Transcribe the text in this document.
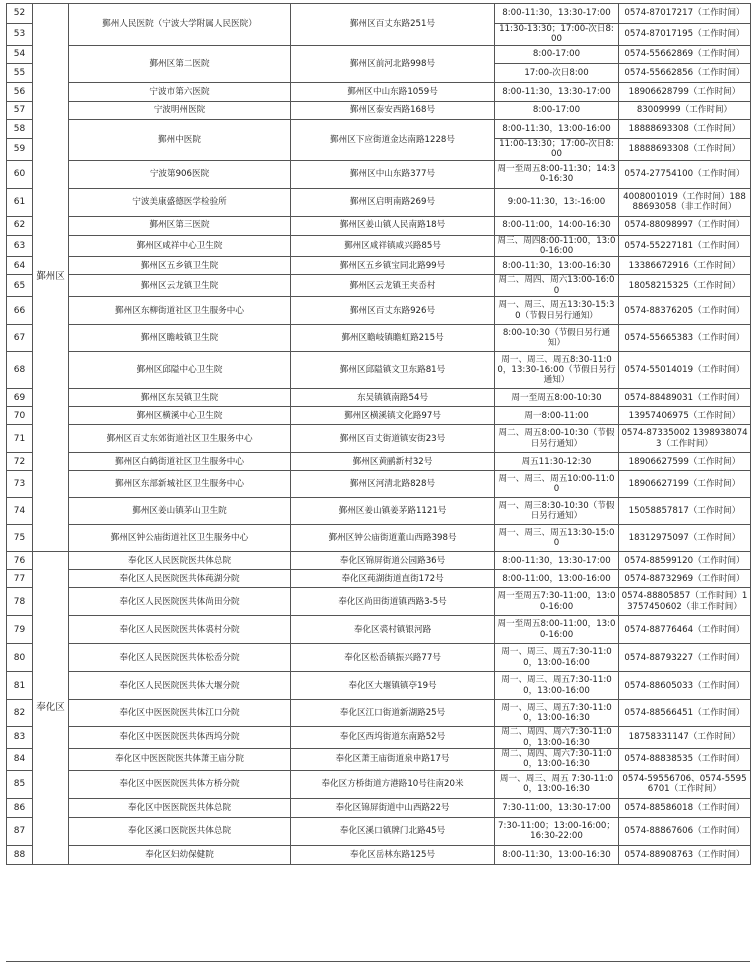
52	鄞州区	鄞州人民医院（宁波大学附属人民医院）	鄞州区百丈东路251号	8:00-11:30，13:30-17:00	0574-87017217（工作时间）
53				11:30-13:30；17:00-次日8:00	0574-87017195（工作时间）
54		鄞州区第二医院	鄞州区前河北路998号	8:00-17:00	0574-55662869（工作时间）
55				17:00-次日8:00	0574-55662856（工作时间）
56		宁波市第六医院	鄞州区中山东路1059号	8:00-11:30，13:30-17:00	18906628799（工作时间）
57		宁波明州医院	鄞州区泰安西路168号	8:00-17:00	83009999（工作时间）
58		鄞州中医院	鄞州区下应街道金达南路1228号	8:00-11:30，13:00-16:00	18888693308（工作时间）
59				11:00-13:30；17:00-次日8:00	18888693308（工作时间）
60		宁波第906医院	鄞州区中山东路377号	周一至周五8:00-11:30；14:30-16:30	0574-27754100（工作时间）
61		宁波美康盛德医学检验所	鄞州区启明南路269号	9:00-11:30，13:-16:00	4008001019（工作时间）18888693058（非工作时间）
62		鄞州区第三医院	鄞州区姜山镇人民南路18号	8:00-11:00，14:00-16:30	0574-88098997（工作时间）
63		鄞州区咸祥中心卫生院	鄞州区咸祥镇咸兴路85号	周三、周四8:00-11:00，13:00-16:00	0574-55227181（工作时间）
64		鄞州区五乡镇卫生院	鄞州区五乡镇宝同北路99号	8:00-11:30，13:00-16:30	13386672916（工作时间）
65		鄞州区云龙镇卫生院	鄞州区云龙镇王夹岙村	周二、周四、周六13:00-16:00	18058215325（工作时间）
66		鄞州区东柳街道社区卫生服务中心	鄞州区百丈东路926号	周一、周三、周五13:30-15:30（节假日另行通知）	0574-88376205（工作时间）
67		鄞州区瞻岐镇卫生院	鄞州区瞻岐镇瞻虹路215号	8:00-10:30（节假日另行通知）	0574-55665383（工作时间）
68		鄞州区邱隘中心卫生院	鄞州区邱隘镇文卫东路81号	周一、周三、周五8:30-11:00，13:30-16:00（节假日另行通知）	0574-55014019（工作时间）
69		鄞州区东吴镇卫生院	东吴镇镇南路54号	周一至周五8:00-10:30	0574-88489031（工作时间）
70		鄞州区横溪中心卫生院	鄞州区横溪镇文化路97号	周一8:00-11:00	13957406975（工作时间）
71		鄞州区百丈东郊街道社区卫生服务中心	鄞州区百丈街道镇安街23号	周二、周五8:00-10:30（节假日另行通知）	0574-87335002 13989380743（工作时间）
72		鄞州区白鹤街道社区卫生服务中心	鄞州区黄鹂新村32号	周五11:30-12:30	18906627599（工作时间）
73		鄞州区东部新城社区卫生服务中心	鄞州区河清北路828号	周一、周三、周五10:00-11:00	18906627199（工作时间）
74		鄞州区姜山镇茅山卫生院	鄞州区姜山镇姜茅路1121号	周一、周三8:30-10:30（节假日另行通知）	15058857817（工作时间）
75		鄞州区钟公庙街道社区卫生服务中心	鄞州区钟公庙街道董山西路398号	周一、周三、周五13:30-15:00	18312975097（工作时间）
76	奉化区	奉化区人民医院医共体总院	奉化区锦屏街道公园路36号	8:00-11:30，13:30-17:00	0574-88599120（工作时间）
77		奉化区人民医院医共体莼湖分院	奉化区莼湖街道直街172号	8:00-11:00，13:00-16:00	0574-88732969（工作时间）
78		奉化区人民医院医共体尚田分院	奉化区尚田街道镇西路3-5号	周一至周五7:30-11:00，13:00-16:00	0574-88805857（工作时间）13757450602（非工作时间）
79		奉化区人民医院医共体裘村分院	奉化区裘村镇银河路	周一至周五8:00-11:00，13:00-16:00	0574-88776464（工作时间）
80		奉化区人民医院医共体松岙分院	奉化区松岙镇振兴路77号	周一、周三、周五7:30-11:00，13:00-16:00	0574-88793227（工作时间）
81		奉化区人民医院医共体大堰分院	奉化区大堰镇镇亭19号	周一、周三、周五7:30-11:00，13:00-16:00	0574-88605033（工作时间）
82		奉化区中医医院医共体江口分院	奉化区江口街道新湖路25号	周一、周三、周五7:30-11:00，13:00-16:30	0574-88566451（工作时间）
83		奉化区中医医院医共体西坞分院	奉化区西坞街道东南路52号	周二、周四、周六7:30-11:00，13:00-16:30	18758331147（工作时间）
84		奉化区中医医院医共体萧王庙分院	奉化区萧王庙街道泉申路17号	周二、周四、周六7:30-11:00，13:00-16:30	0574-88838535（工作时间）
85		奉化区中医医院医共体方桥分院	奉化区方桥街道方港路10号往南20米	周一、周三、周五 7:30-11:00，13:00-16:30	0574-59556706、0574-55956701（工作时间）
86		奉化区中医医院医共体总院	奉化区锦屏街道中山西路22号	7:30-11:00，13:30-17:00	0574-88586018（工作时间）
87		奉化区溪口医院医共体总院	奉化区溪口镇牌门北路45号	7:30-11:00；13:00-16:00；16:30-22:00	0574-88867606（工作时间）
88		奉化区妇幼保健院	奉化区岳林东路125号	8:00-11:30，13:00-16:30	0574-88908763（工作时间）
